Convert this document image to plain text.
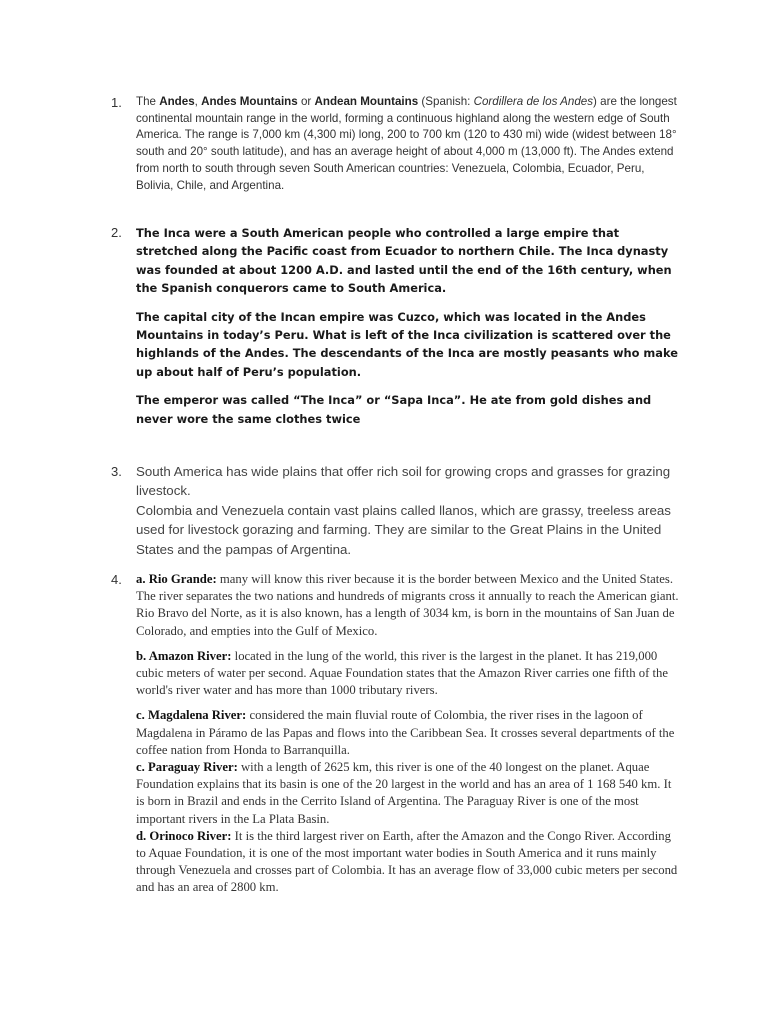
1. The Andes, Andes Mountains or Andean Mountains (Spanish: Cordillera de los Andes) are the longest continental mountain range in the world, forming a continuous highland along the western edge of South America. The range is 7,000 km (4,300 mi) long, 200 to 700 km (120 to 430 mi) wide (widest between 18° south and 20° south latitude), and has an average height of about 4,000 m (13,000 ft). The Andes extend from north to south through seven South American countries: Venezuela, Colombia, Ecuador, Peru, Bolivia, Chile, and Argentina.
2. The Inca were a South American people who controlled a large empire that stretched along the Pacific coast from Ecuador to northern Chile. The Inca dynasty was founded at about 1200 A.D. and lasted until the end of the 16th century, when the Spanish conquerors came to South America.

The capital city of the Incan empire was Cuzco, which was located in the Andes Mountains in today’s Peru. What is left of the Inca civilization is scattered over the highlands of the Andes. The descendants of the Inca are mostly peasants who make up about half of Peru’s population.

The emperor was called “The Inca” or “Sapa Inca”. He ate from gold dishes and never wore the same clothes twice

3. South America has wide plains that offer rich soil for growing crops and grasses for grazing livestock.
Colombia and Venezuela contain vast plains called llanos, which are grassy, treeless areas used for livestock gorazing and farming. They are similar to the Great Plains in the United States and the pampas of Argentina.
4. a. Rio Grande: many will know this river because it is the border between Mexico and the United States. The river separates the two nations and hundreds of migrants cross it annually to reach the American giant. Rio Bravo del Norte, as it is also known, has a length of 3034 km, is born in the mountains of San Juan de Colorado, and empties into the Gulf of Mexico.

b. Amazon River: located in the lung of the world, this river is the largest in the planet. It has 219,000 cubic meters of water per second. Aquae Foundation states that the Amazon River carries one fifth of the world's river water and has more than 1000 tributary rivers.

c. Magdalena River: considered the main fluvial route of Colombia, the river rises in the lagoon of Magdalena in Páramo de las Papas and flows into the Caribbean Sea. It crosses several departments of the coffee nation from Honda to Barranquilla.

c. Paraguay River: with a length of 2625 km, this river is one of the 40 longest on the planet. Aquae Foundation explains that its basin is one of the 20 largest in the world and has an area of 1 168 540 km. It is born in Brazil and ends in the Cerrito Island of Argentina. The Paraguay River is one of the most important rivers in the La Plata Basin.

d. Orinoco River: It is the third largest river on Earth, after the Amazon and the Congo River. According to Aquae Foundation, it is one of the most important water bodies in South America and it runs mainly through Venezuela and crosses part of Colombia. It has an average flow of 33,000 cubic meters per second and has an area of 2800 km.
